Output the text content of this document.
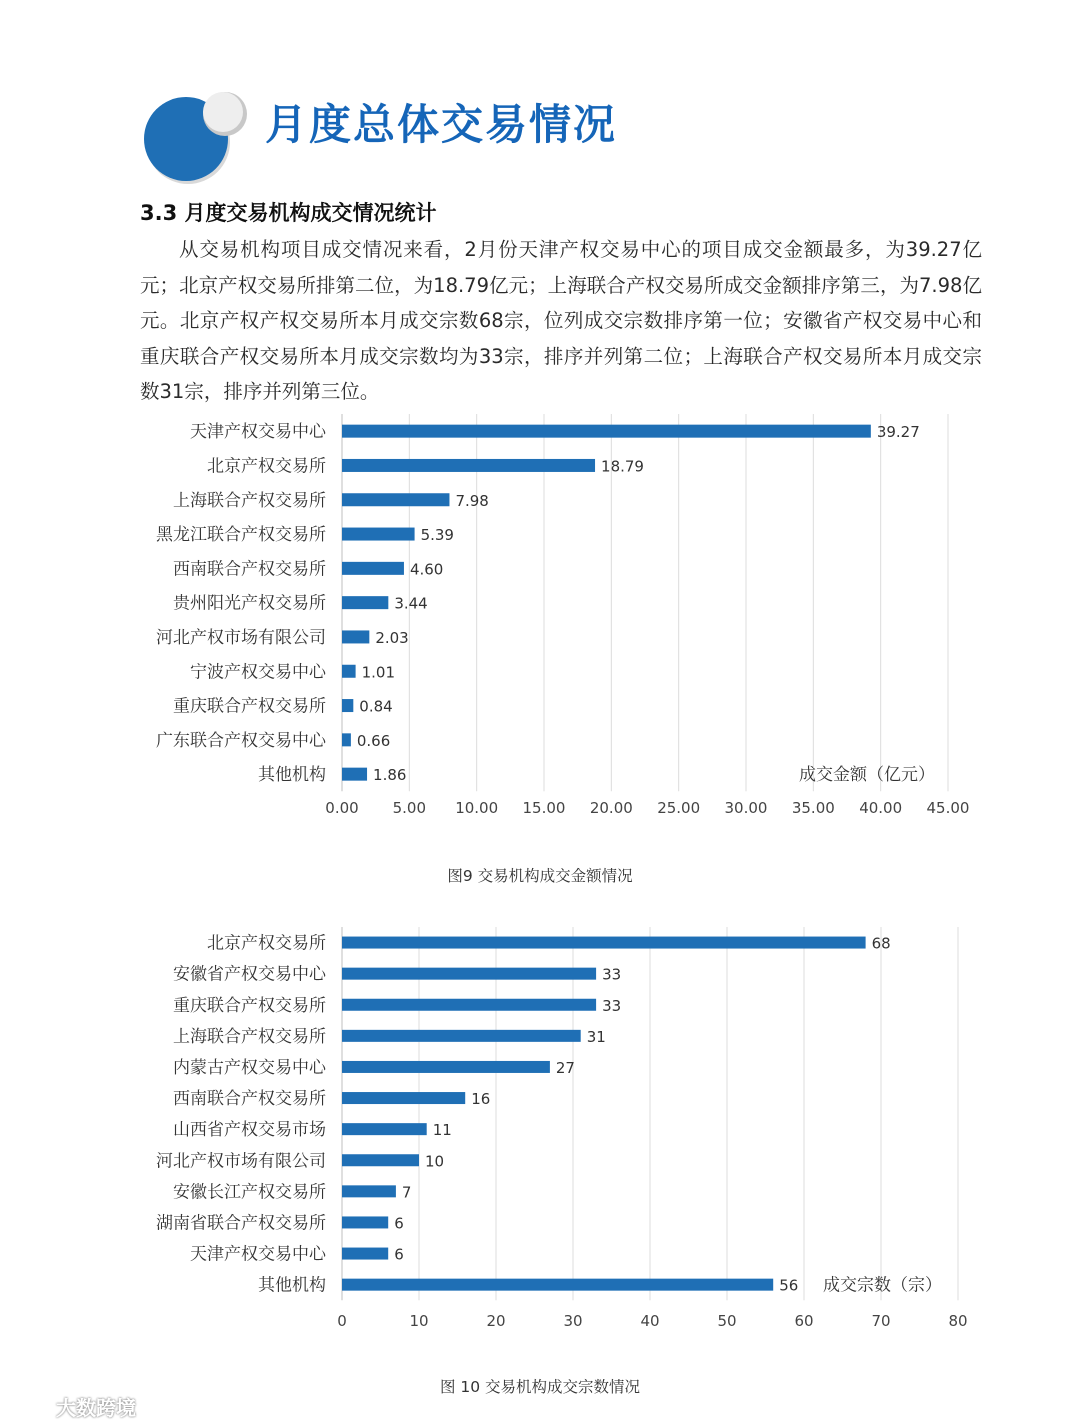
月度总体交易情况
3.3 月度交易机构成交情况统计

从交易机构项目成交情况来看，2月份天津产权交易中心的项目成交金额最多，为39.27亿元；北京产权交易所排第二位，为18.79亿元；上海联合产权交易所成交金额排序第三，为7.98亿元。北京产权产权交易所本月成交宗数68宗，位列成交宗数排序第一位；安徽省产权交易中心和重庆联合产权交易所本月成交宗数均为33宗，排序并列第二位；上海联合产权交易所本月成交宗数31宗，排序并列第三位。

0.00 5.00 10.00 15.00 20.00 25.00 30.00 35.00 40.00 45.00
天津产权交易中心	39.27
北京产权交易所	18.79
上海联合产权交易所	7.98
黑龙江联合产权交易所	5.39
西南联合产权交易所	4.60
贵州阳光产权交易所	3.44
河北产权市场有限公司	2.03
宁波产权交易中心 1.01
重庆联合产权交易所 0.84
广东联合产权交易中心 0.66
其他机构	1.86	成交金额（亿元）
图9 交易机构成交金额情况
0	10	20	30	40	50	60	70	80
北京产权交易所	68
安徽省产权交易中心	33
重庆联合产权交易所	33
上海联合产权交易所	31
内蒙古产权交易中心	27
西南联合产权交易所	16
山西省产权交易市场	11
河北产权市场有限公司	10
安徽长江产权交易所	7
湖南省联合产权交易所	6
天津产权交易中心	6
其他机构	56 成交宗数（宗）
图 10 交易机构成交宗数情况
大数跨境
